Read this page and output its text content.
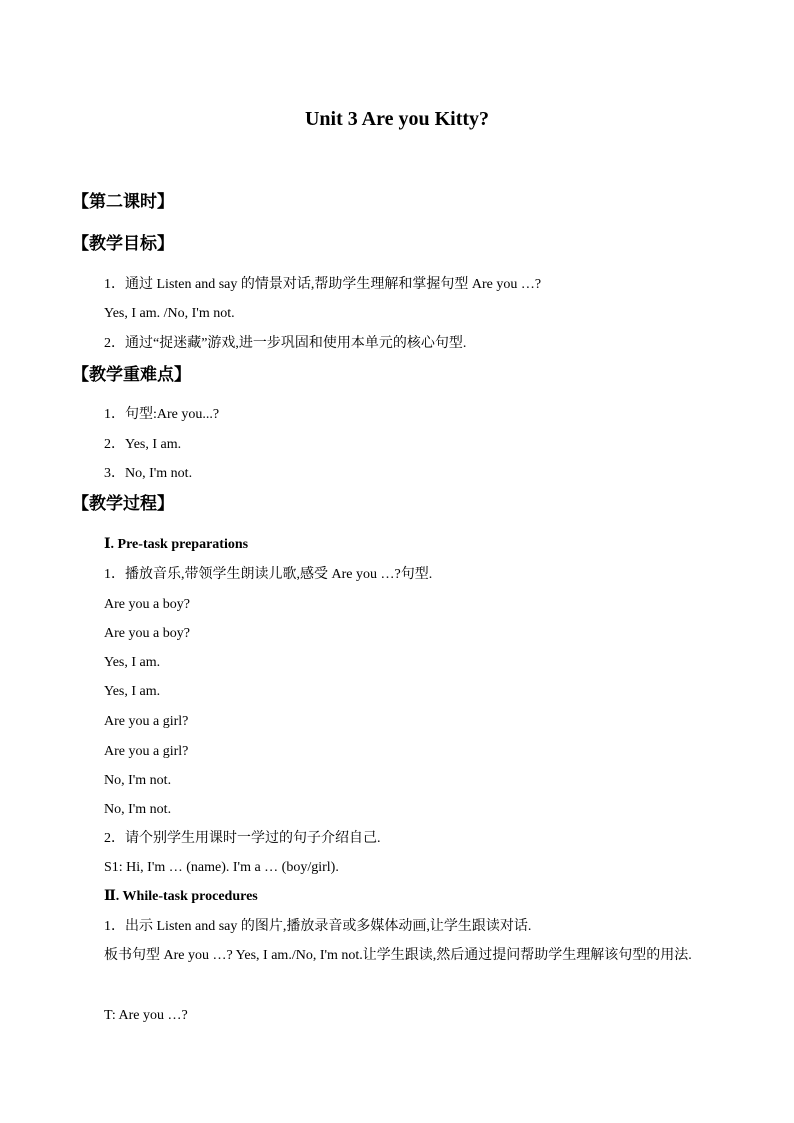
Unit 3 Are you Kitty?
【第二课时】
【教学目标】
1．通过 Listen and say 的情景对话,帮助学生理解和掌握句型 Are you …?
Yes, I am. /No, I'm not.
2．通过“捉迷藏”游戏,进一步巩固和使用本单元的核心句型.
【教学重难点】
1．句型:Are you...?
2．Yes, I am.
3．No, I'm not.
【教学过程】
Ⅰ. Pre-task preparations
1．播放音乐,带领学生朗读儿歌,感受 Are you …?句型.
Are you a boy?
Are you a boy?
Yes, I am.
Yes, I am.
Are you a girl?
Are you a girl?
No, I'm not.
No, I'm not.
2．请个别学生用课时一学过的句子介绍自己.
S1: Hi, I'm … (name). I'm a … (boy/girl).
Ⅱ. While-task procedures
1．出示 Listen and say 的图片,播放录音或多媒体动画,让学生跟读对话.
板书句型 Are you …? Yes, I am./No, I'm not.让学生跟读,然后通过提问帮助学生理解该句型的用法.
T: Are you …?
